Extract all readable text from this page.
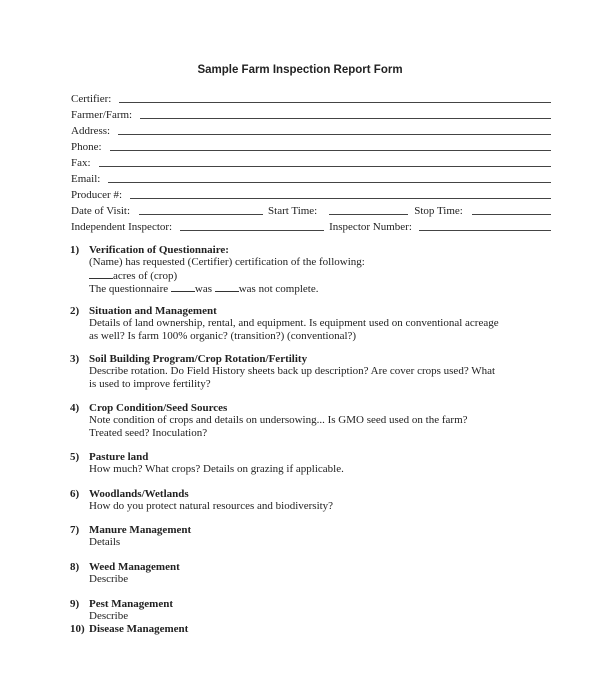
Sample Farm Inspection Report Form
Certifier:
Farmer/Farm:
Address:
Phone:
Fax:
Email:
Producer #:
Date of Visit:	Start Time:	Stop Time:
Independent Inspector:	Inspector Number:
1) Verification of Questionnaire:
(Name) has requested (Certifier) certification of the following:
acres of (crop)
The questionnaire was was not complete.
2) Situation and Management
Details of land ownership, rental, and equipment. Is equipment used on conventional acreage
as well? Is farm 100% organic? (transition?) (conventional?)
3) Soil Building Program/Crop Rotation/Fertility
Describe rotation. Do Field History sheets back up description? Are cover crops used? What
is used to improve fertility?
4) Crop Condition/Seed Sources
Note condition of crops and details on undersowing... Is GMO seed used on the farm?
Treated seed? Inoculation?
5) Pasture land
How much? What crops? Details on grazing if applicable.
6) Woodlands/Wetlands
How do you protect natural resources and biodiversity?
7) Manure Management
Details
8) Weed Management
Describe
9) Pest Management
Describe
10) Disease Management
